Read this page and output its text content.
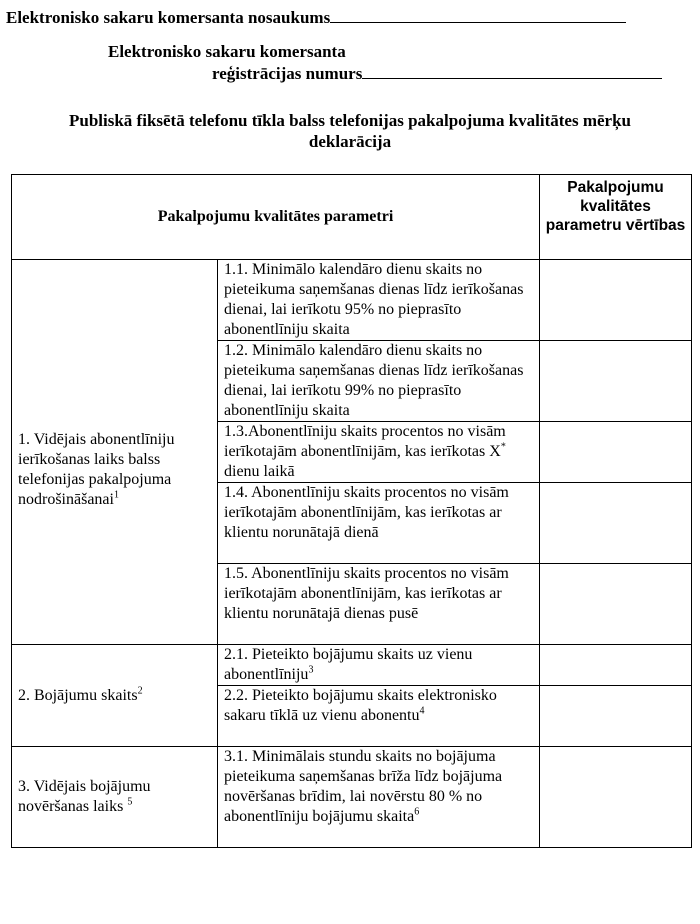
Elektronisko sakaru komersanta nosaukums
Elektronisko sakaru komersanta
reģistrācijas numurs
Publiskā fiksētā telefonu tīkla balss telefonijas pakalpojuma kvalitātes mērķu
deklarācija
Pakalpojumu kvalitātes parametri		Pakalpojumu kvalitātes parametru vērtības
1. Vidējais abonentlīniju ierīkošanas laiks balss telefonijas pakalpojuma nodrošināšanai$^1$	1.1. Minimālo kalendāro dienu skaits no pieteikuma saņemšanas dienas līdz ierīkošanas dienai, lai ierīkotu 95% no pieprasīto abonentlīniju skaita	
	1.2. Minimālo kalendāro dienu skaits no pieteikuma saņemšanas dienas līdz ierīkošanas dienai, lai ierīkotu 99% no pieprasīto abonentlīniju skaita	
	1.3.Abonentlīniju skaits procentos no visām ierīkotajām abonentlīnijām, kas ierīkotas X* dienu laikā	
	1.4. Abonentlīniju skaits procentos no visām ierīkotajām abonentlīnijām, kas ierīkotas ar klientu norunātajā dienā	
	1.5. Abonentlīniju skaits procentos no visām ierīkotajām abonentlīnijām, kas ierīkotas ar klientu norunātajā dienas pusē	
2. Bojājumu skaits$^2$	2.1. Pieteikto bojājumu skaits uz vienu abonentlīniju$^3$	
	2.2. Pieteikto bojājumu skaits elektronisko sakaru tīklā uz vienu abonentu$^4$	
3. Vidējais bojājumu novēršanas laiks $^5$	3.1. Minimālais stundu skaits no bojājuma pieteikuma saņemšanas brīža līdz bojājuma novēršanas brīdim, lai novērstu 80 % no abonentlīniju bojājumu skaita$^6$	
